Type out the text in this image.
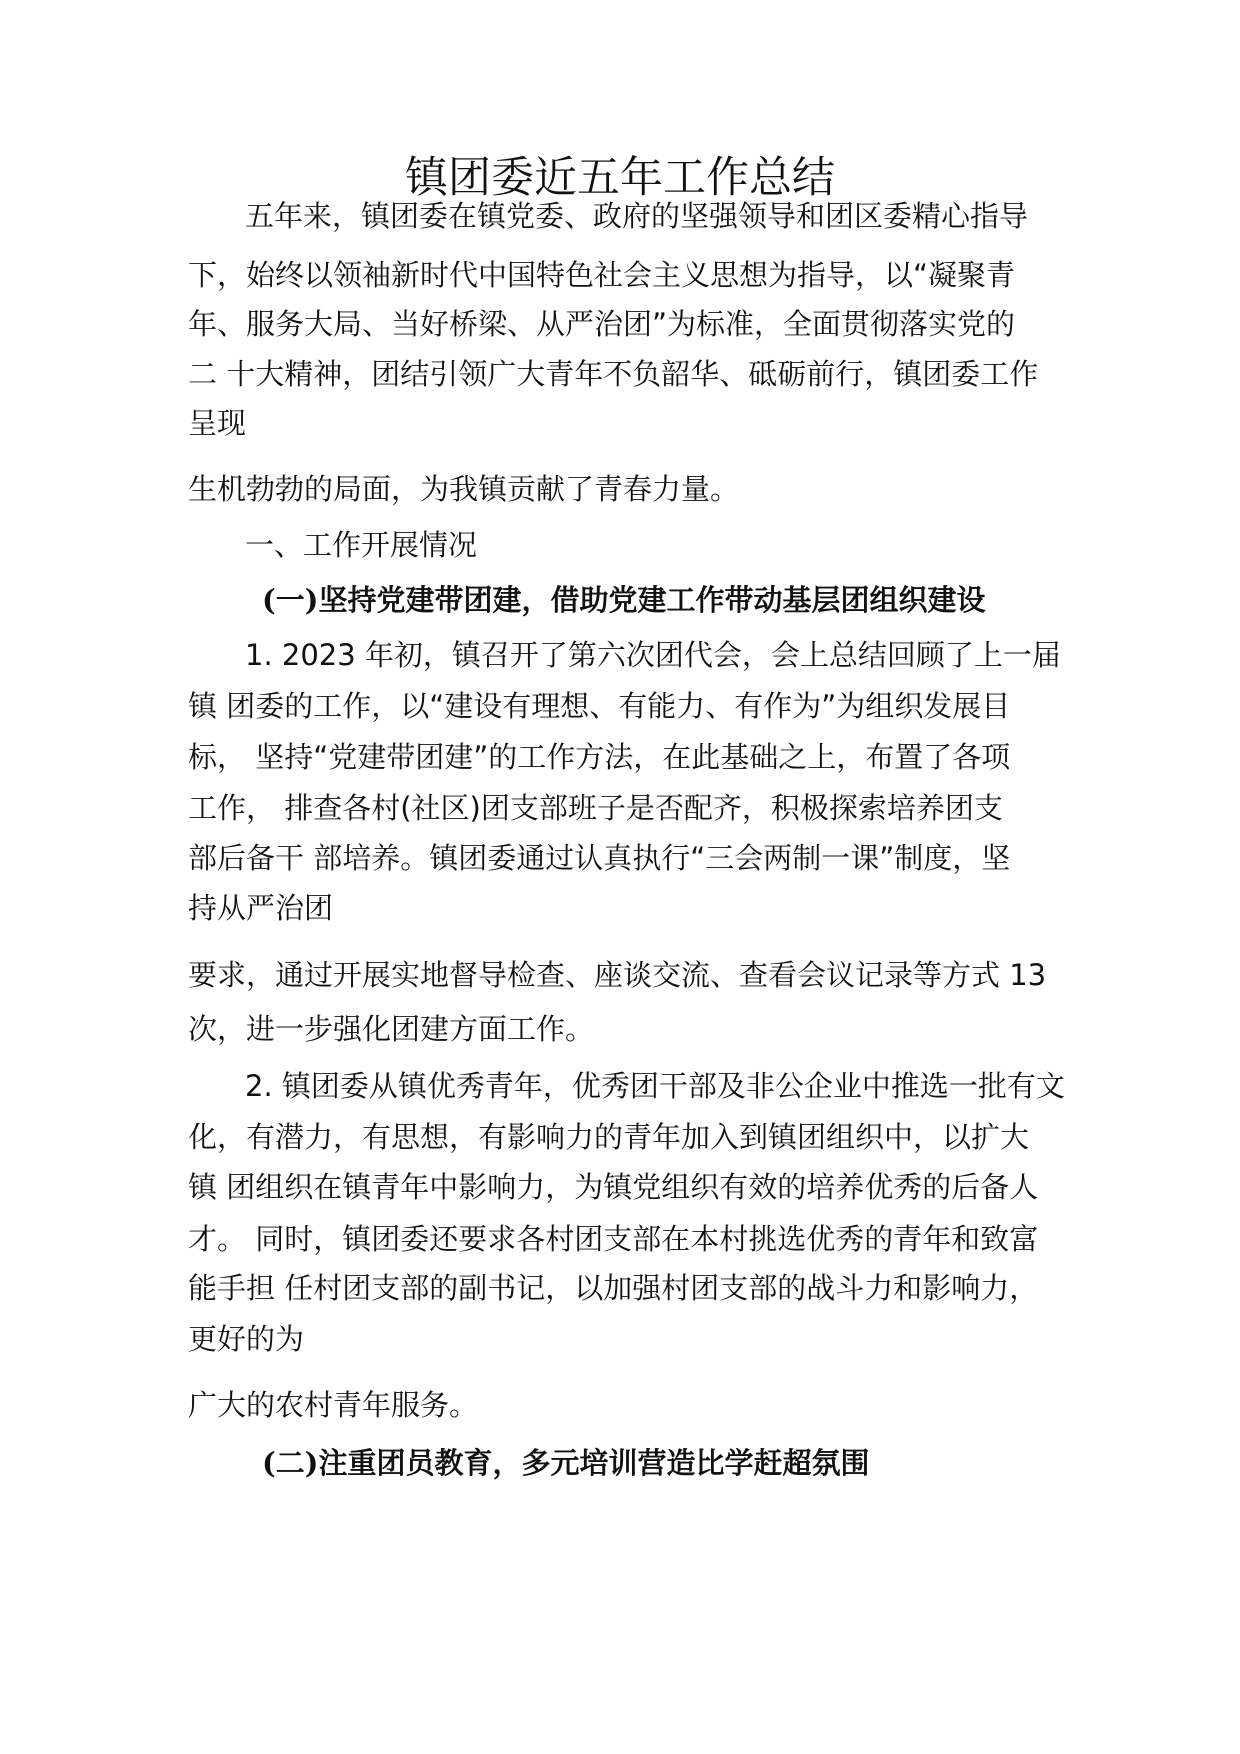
镇团委近五年工作总结

五年来，镇团委在镇党委、政府的坚强领导和团区委精心指导

下，始终以领袖新时代中国特色社会主义思想为指导，以“凝聚青

年、服务大局、当好桥梁、从严治团”为标准，全面贯彻落实党的

二 十大精神，团结引领广大青年不负韶华、砥砺前行，镇团委工作

呈现

生机勃勃的局面，为我镇贡献了青春力量。

一、工作开展情况

(一)坚持党建带团建，借助党建工作带动基层团组织建设

1. 2023 年初，镇召开了第六次团代会，会上总结回顾了上一届

镇 团委的工作，以“建设有理想、有能力、有作为”为组织发展目

标， 坚持“党建带团建”的工作方法，在此基础之上，布置了各项

工作， 排查各村(社区)团支部班子是否配齐，积极探索培养团支

部后备干 部培养。镇团委通过认真执行“三会两制一课”制度，坚

持从严治团

要求，通过开展实地督导检查、座谈交流、查看会议记录等方式 13

次，进一步强化团建方面工作。

2. 镇团委从镇优秀青年，优秀团干部及非公企业中推选一批有文

化，有潜力，有思想，有影响力的青年加入到镇团组织中，以扩大

镇 团组织在镇青年中影响力，为镇党组织有效的培养优秀的后备人

才。 同时，镇团委还要求各村团支部在本村挑选优秀的青年和致富

能手担 任村团支部的副书记，以加强村团支部的战斗力和影响力，

更好的为

广大的农村青年服务。

(二)注重团员教育，多元培训营造比学赶超氛围
